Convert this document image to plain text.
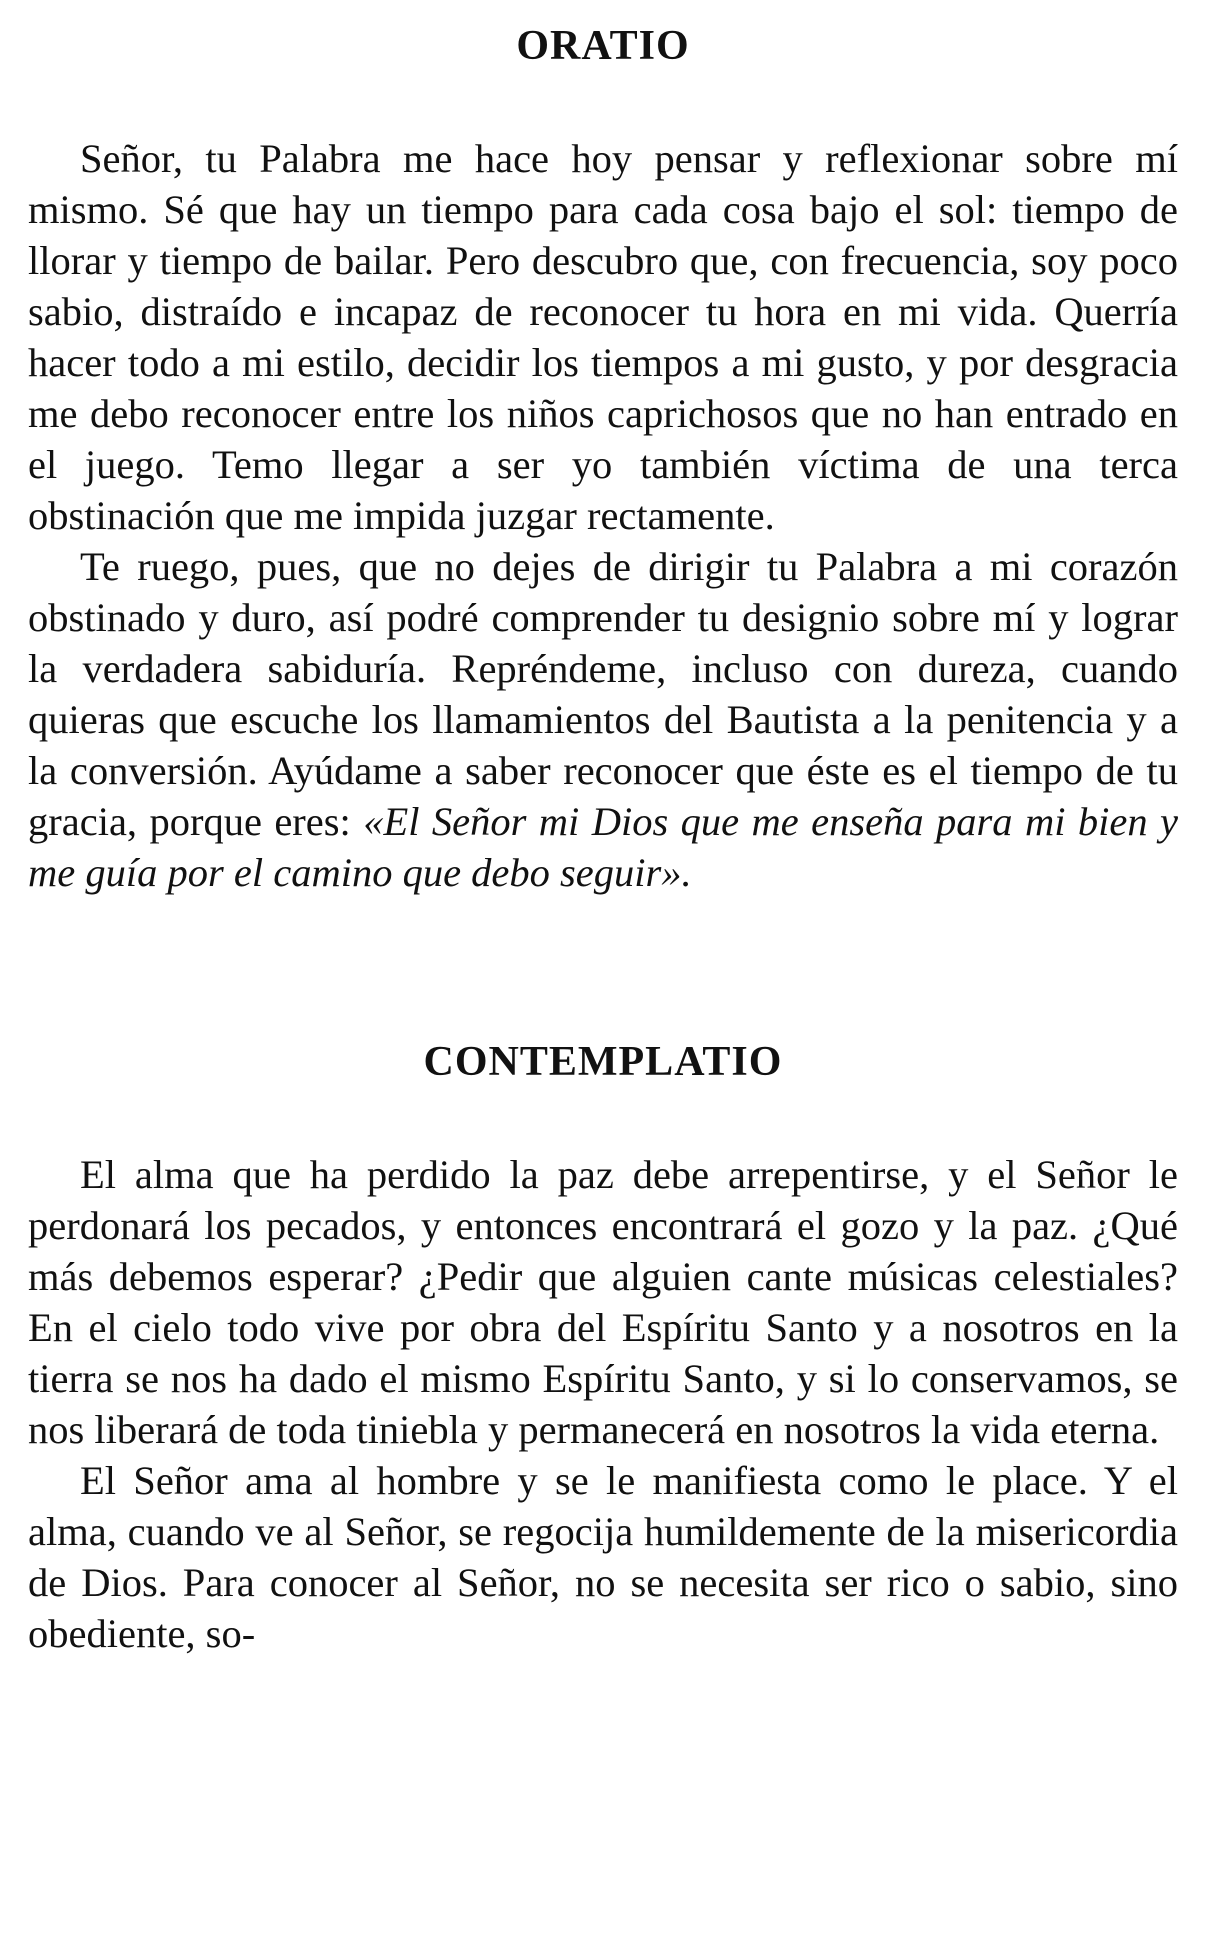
ORATIO

Señor, tu Palabra me hace hoy pensar y reflexionar sobre mí mismo. Sé que hay un tiempo para cada cosa bajo el sol: tiempo de llorar y tiempo de bailar. Pero descubro que, con frecuencia, soy poco sabio, distraído e incapaz de reconocer tu hora en mi vida. Querría hacer todo a mi estilo, decidir los tiempos a mi gusto, y por desgracia me debo reconocer entre los niños caprichosos que no han entrado en el juego. Temo llegar a ser yo también víctima de una terca obstinación que me impida juzgar rectamente.

Te ruego, pues, que no dejes de dirigir tu Palabra a mi corazón obstinado y duro, así podré comprender tu designio sobre mí y lograr la verdadera sabiduría. Repréndeme, incluso con dureza, cuando quieras que escuche los llamamientos del Bautista a la penitencia y a la conversión. Ayúdame a saber reconocer que éste es el tiempo de tu gracia, porque eres: «El Señor mi Dios que me enseña para mi bien y me guía por el camino que debo seguir».

CONTEMPLATIO

El alma que ha perdido la paz debe arrepentirse, y el Señor le perdonará los pecados, y entonces encontrará el gozo y la paz. ¿Qué más debemos esperar? ¿Pedir que alguien cante músicas celestiales? En el cielo todo vive por obra del Espíritu Santo y a nosotros en la tierra se nos ha dado el mismo Espíritu Santo, y si lo conservamos, se nos liberará de toda tiniebla y permanecerá en nosotros la vida eterna.

El Señor ama al hombre y se le manifiesta como le place. Y el alma, cuando ve al Señor, se regocija humildemente de la misericordia de Dios. Para conocer al Señor, no se necesita ser rico o sabio, sino obediente, so-
